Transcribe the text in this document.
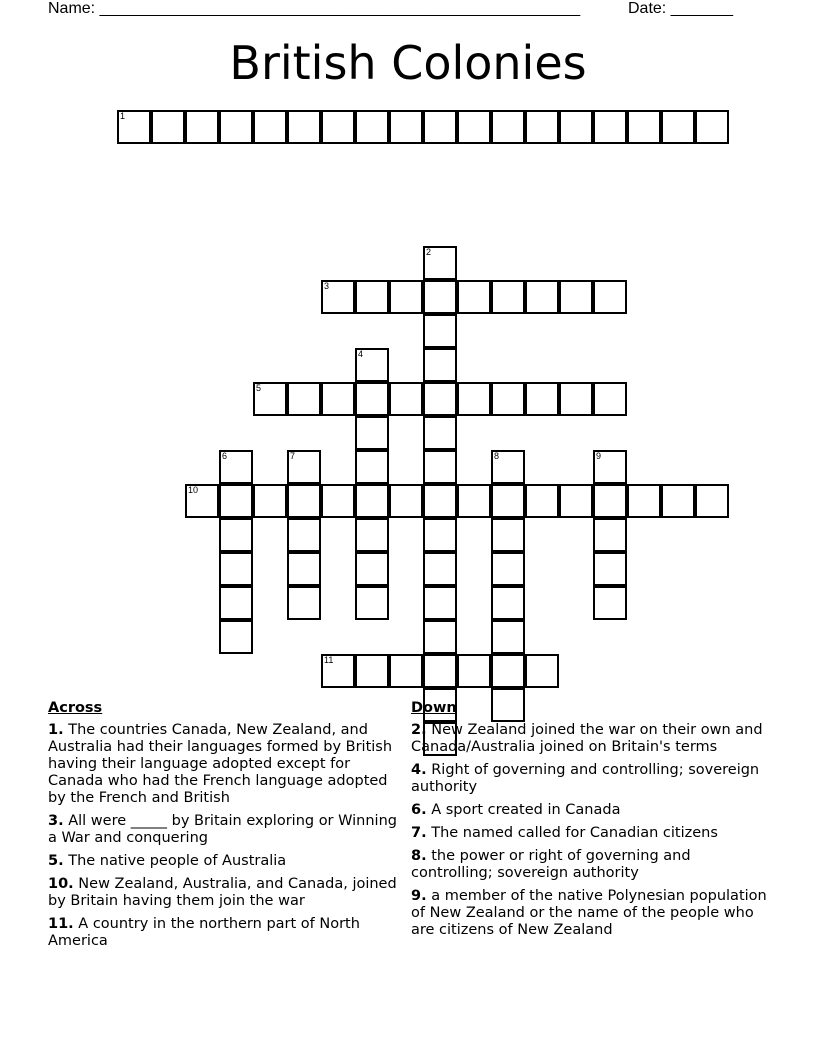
Name: ______________________________________________________	Date: _______
British Colonies
1
3
5
10
11
2
4
6	7	8	9
Across
1. The countries Canada, New Zealand, and Australia had their languages formed by British having their language adopted except for Canada who had the French language adopted by the French and British
3. All were _____ by Britain exploring or Winning a War and conquering
5. The native people of Australia
10. New Zealand, Australia, and Canada, joined by Britain having them join the war
11. A country in the northern part of North America
Down
2. New Zealand joined the war on their own and Canada/Australia joined on Britain's terms
4. Right of governing and controlling; sovereign authority
6. A sport created in Canada
7. The named called for Canadian citizens
8. the power or right of governing and controlling; sovereign authority
9. a member of the native Polynesian population of New Zealand or the name of the people who are citizens of New Zealand
